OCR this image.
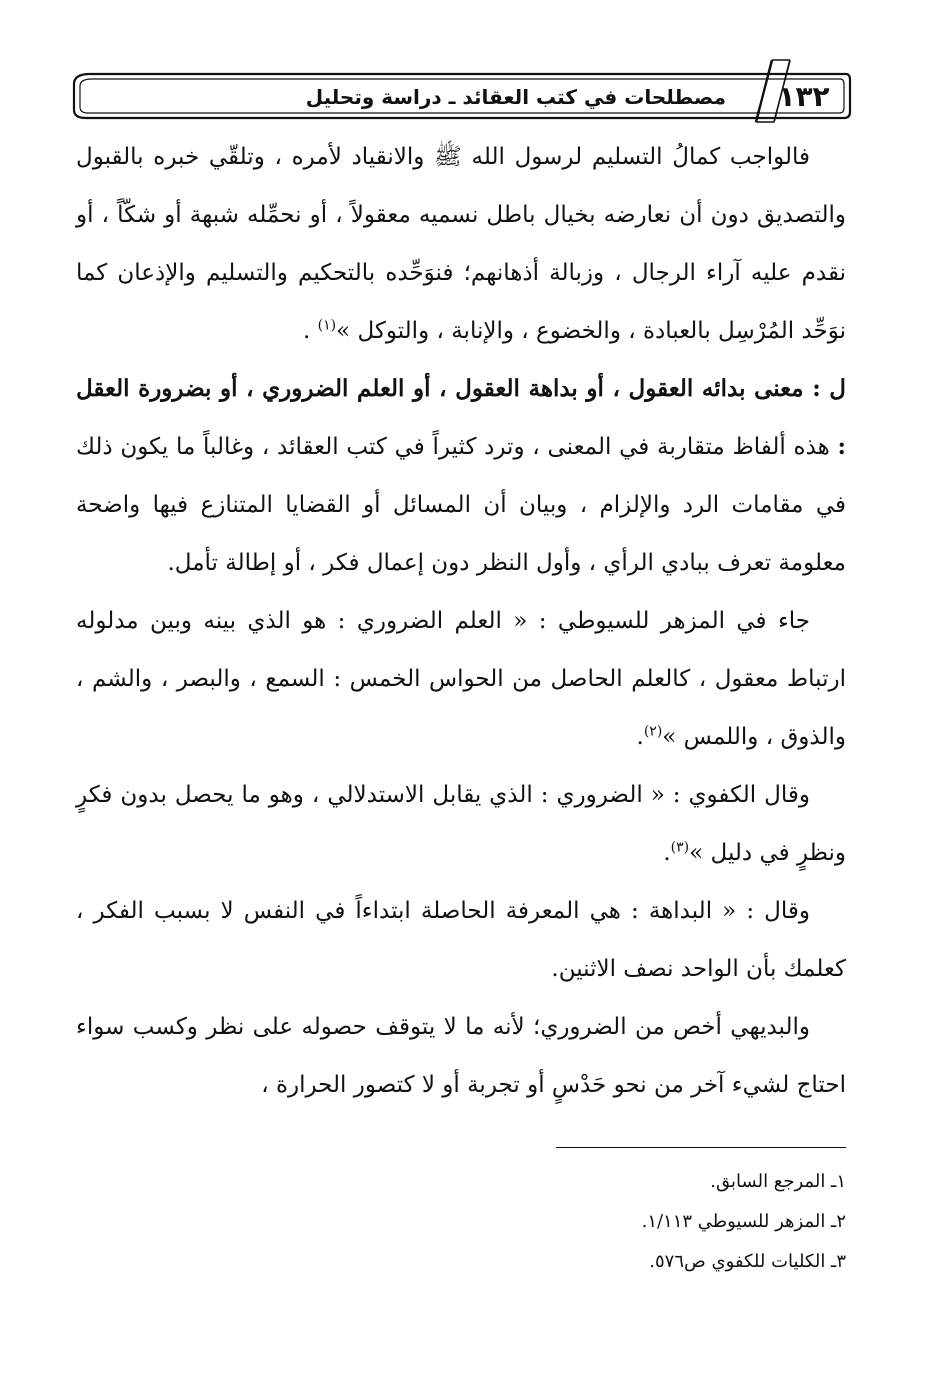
١٣٢
مصطلحات في كتب العقائد ـ دراسة وتحليل

فالواجب كمالُ التسليم لرسول الله ﷺ والانقياد لأمره ، وتلقّي خبره بالقبول والتصديق دون أن نعارضه بخيال باطل نسميه معقولاً ، أو نحمِّله شبهة أو شكّاً ، أو نقدم عليه آراء الرجال ، وزبالة أذهانهم؛ فنوَحِّده بالتحكيم والتسليم والإذعان كما نوَحِّد المُرْسِل بالعبادة ، والخضوع ، والإنابة ، والتوكل »$^{(١)}$ .

ل : معنى بدائه العقول ، أو بداهة العقول ، أو العلم الضروري ، أو بضرورة العقل : هذه ألفاظ متقاربة في المعنى ، وترد كثيراً في كتب العقائد ، وغالباً ما يكون ذلك في مقامات الرد والإلزام ، وبيان أن المسائل أو القضايا المتنازع فيها واضحة معلومة تعرف ببادي الرأي ، وأول النظر دون إعمال فكر ، أو إطالة تأمل.

جاء في المزهر للسيوطي : « العلم الضروري : هو الذي بينه وبين مدلوله ارتباط معقول ، كالعلم الحاصل من الحواس الخمس : السمع ، والبصر ، والشم ، والذوق ، واللمس »$^{(٢)}$.

وقال الكفوي : « الضروري : الذي يقابل الاستدلالي ، وهو ما يحصل بدون فكرٍ ونظرٍ في دليل »$^{(٣)}$.

وقال : « البداهة : هي المعرفة الحاصلة ابتداءاً في النفس لا بسبب الفكر ، كعلمك بأن الواحد نصف الاثنين.

والبديهي أخص من الضروري؛ لأنه ما لا يتوقف حصوله على نظر وكسب سواء احتاج لشيء آخر من نحو حَدْسٍ أو تجربة أو لا كتصور الحرارة ،

١ـ المرجع السابق.

٢ـ المزهر للسيوطي ١/١١٣.

٣ـ الكليات للكفوي ص٥٧٦.
